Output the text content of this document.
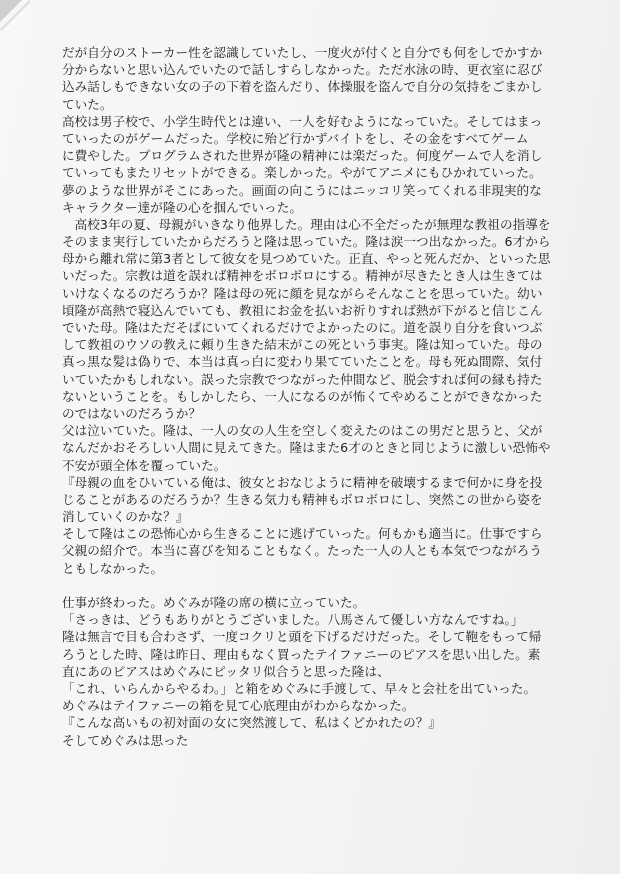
だが自分のストーカー性を認識していたし、一度火が付くと自分でも何をしでかすか
分からないと思い込んでいたので話しすらしなかった。ただ水泳の時、更衣室に忍び
込み話しもできない女の子の下着を盗んだり、体操服を盗んで自分の気持をごまかし
ていた。
高校は男子校で、小学生時代とは違い、一人を好むようになっていた。そしてはまっ
ていったのがゲームだった。学校に殆ど行かずバイトをし、その金をすべてゲーム
に費やした。プログラムされた世界が隆の精神には楽だった。何度ゲームで人を消し
ていってもまたリセットができる。楽しかった。やがてアニメにもひかれていった。
夢のような世界がそこにあった。画面の向こうにはニッコリ笑ってくれる非現実的な
キャラクター達が隆の心を掴んでいった。
　高校3年の夏、母親がいきなり他界した。理由は心不全だったが無理な教祖の指導を
そのまま実行していたからだろうと隆は思っていた。隆は涙一つ出なかった。6才から
母から離れ常に第3者として彼女を見つめていた。正直、やっと死んだか、といった思
いだった。宗教は道を誤れば精神をボロボロにする。精神が尽きたとき人は生きては
いけなくなるのだろうか？隆は母の死に顔を見ながらそんなことを思っていた。幼い
頃隆が高熱で寝込んでいても、教祖にお金を払いお祈りすれば熱が下がると信じこん
でいた母。隆はただそばにいてくれるだけでよかったのに。道を誤り自分を食いつぶ
して教祖のウソの教えに頼り生きた結末がこの死という事実。隆は知っていた。母の
真っ黒な髪は偽りで、本当は真っ白に変わり果てていたことを。母も死ぬ間際、気付
いていたかもしれない。誤った宗教でつながった仲間など、脱会すれば何の縁も持た
ないということを。もしかしたら、一人になるのが怖くてやめることができなかった
のではないのだろうか？
父は泣いていた。隆は、一人の女の人生を空しく変えたのはこの男だと思うと、父が
なんだかおそろしい人間に見えてきた。隆はまた6才のときと同じように激しい恐怖や
不安が頭全体を覆っていた。
『母親の血をひいている俺は、彼女とおなじように精神を破壊するまで何かに身を投
じることがあるのだろうか？生きる気力も精神もボロボロにし、突然この世から姿を
消していくのかな？』
そして隆はこの恐怖心から生きることに逃げていった。何もかも適当に。仕事ですら
父親の紹介で。本当に喜びを知ることもなく。たった一人の人とも本気でつながろう
ともしなかった。
仕事が終わった。めぐみが隆の席の横に立っていた。
「さっきは、どうもありがとうございました。八馬さんて優しい方なんですね。」
隆は無言で目も合わさず、一度コクリと頭を下げるだけだった。そして鞄をもって帰
ろうとした時、隆は昨日、理由もなく買ったテイファニーのピアスを思い出した。素
直にあのピアスはめぐみにピッタリ似合うと思った隆は、
「これ、いらんからやるわ。」と箱をめぐみに手渡して、早々と会社を出ていった。
めぐみはテイファニーの箱を見て心底理由がわからなかった。
『こんな高いもの初対面の女に突然渡して、私はくどかれたの？』
そしてめぐみは思った
